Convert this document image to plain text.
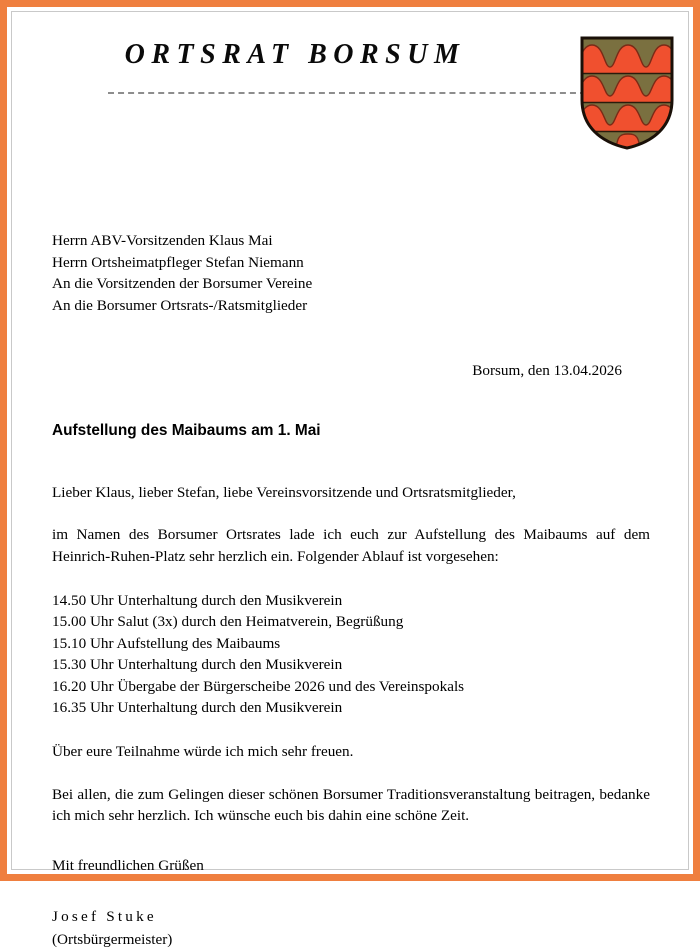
ORTSRAT BORSUM
Herrn ABV-Vorsitzenden Klaus Mai
Herrn Ortsheimatpfleger Stefan Niemann
An die Vorsitzenden der Borsumer Vereine
An die Borsumer Ortsrats-/Ratsmitglieder
Borsum, den 13.04.2026
Aufstellung des Maibaums am 1. Mai
Lieber Klaus, lieber Stefan, liebe Vereinsvorsitzende und Ortsratsmitglieder,
im Namen des Borsumer Ortsrates lade ich euch zur Aufstellung des Maibaums auf dem Heinrich-Ruhen-Platz sehr herzlich ein. Folgender Ablauf ist vorgesehen:
14.50 Uhr Unterhaltung durch den Musikverein
15.00 Uhr Salut (3x) durch den Heimatverein, Begrüßung
15.10 Uhr Aufstellung des Maibaums
15.30 Uhr Unterhaltung durch den Musikverein
16.20 Uhr Übergabe der Bürgerscheibe 2026 und des Vereinspokals
16.35 Uhr Unterhaltung durch den Musikverein
Über eure Teilnahme würde ich mich sehr freuen.
Bei allen, die zum Gelingen dieser schönen Borsumer Traditionsveranstaltung beitragen, bedanke ich mich sehr herzlich. Ich wünsche euch bis dahin eine schöne Zeit.
Mit freundlichen Grüßen
Josef Stuke
(Ortsbürgermeister)
